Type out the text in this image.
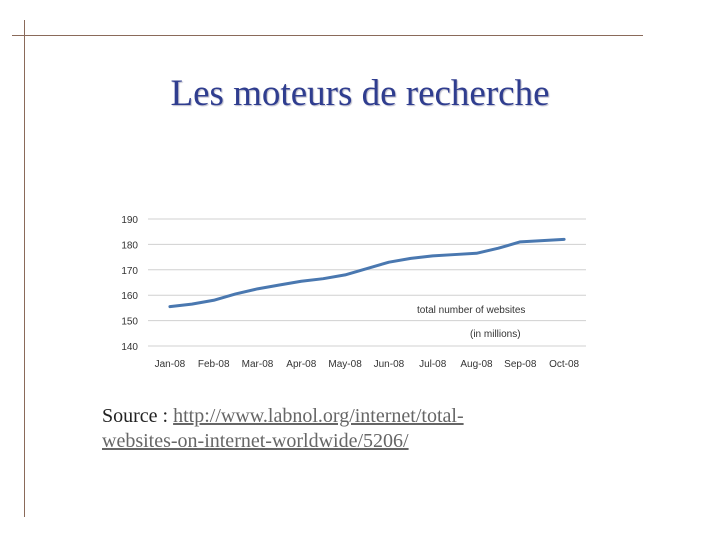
Les moteurs de recherche
140
150
160
170
180
190
Jan-08 Feb-08 Mar-08 Apr-08 May-08 Jun-08 Jul-08 Aug-08 Sep-08 Oct-08
total number of websites
(in millions)
Source : http://www.labnol.org/internet/total-
websites-on-internet-worldwide/5206/
